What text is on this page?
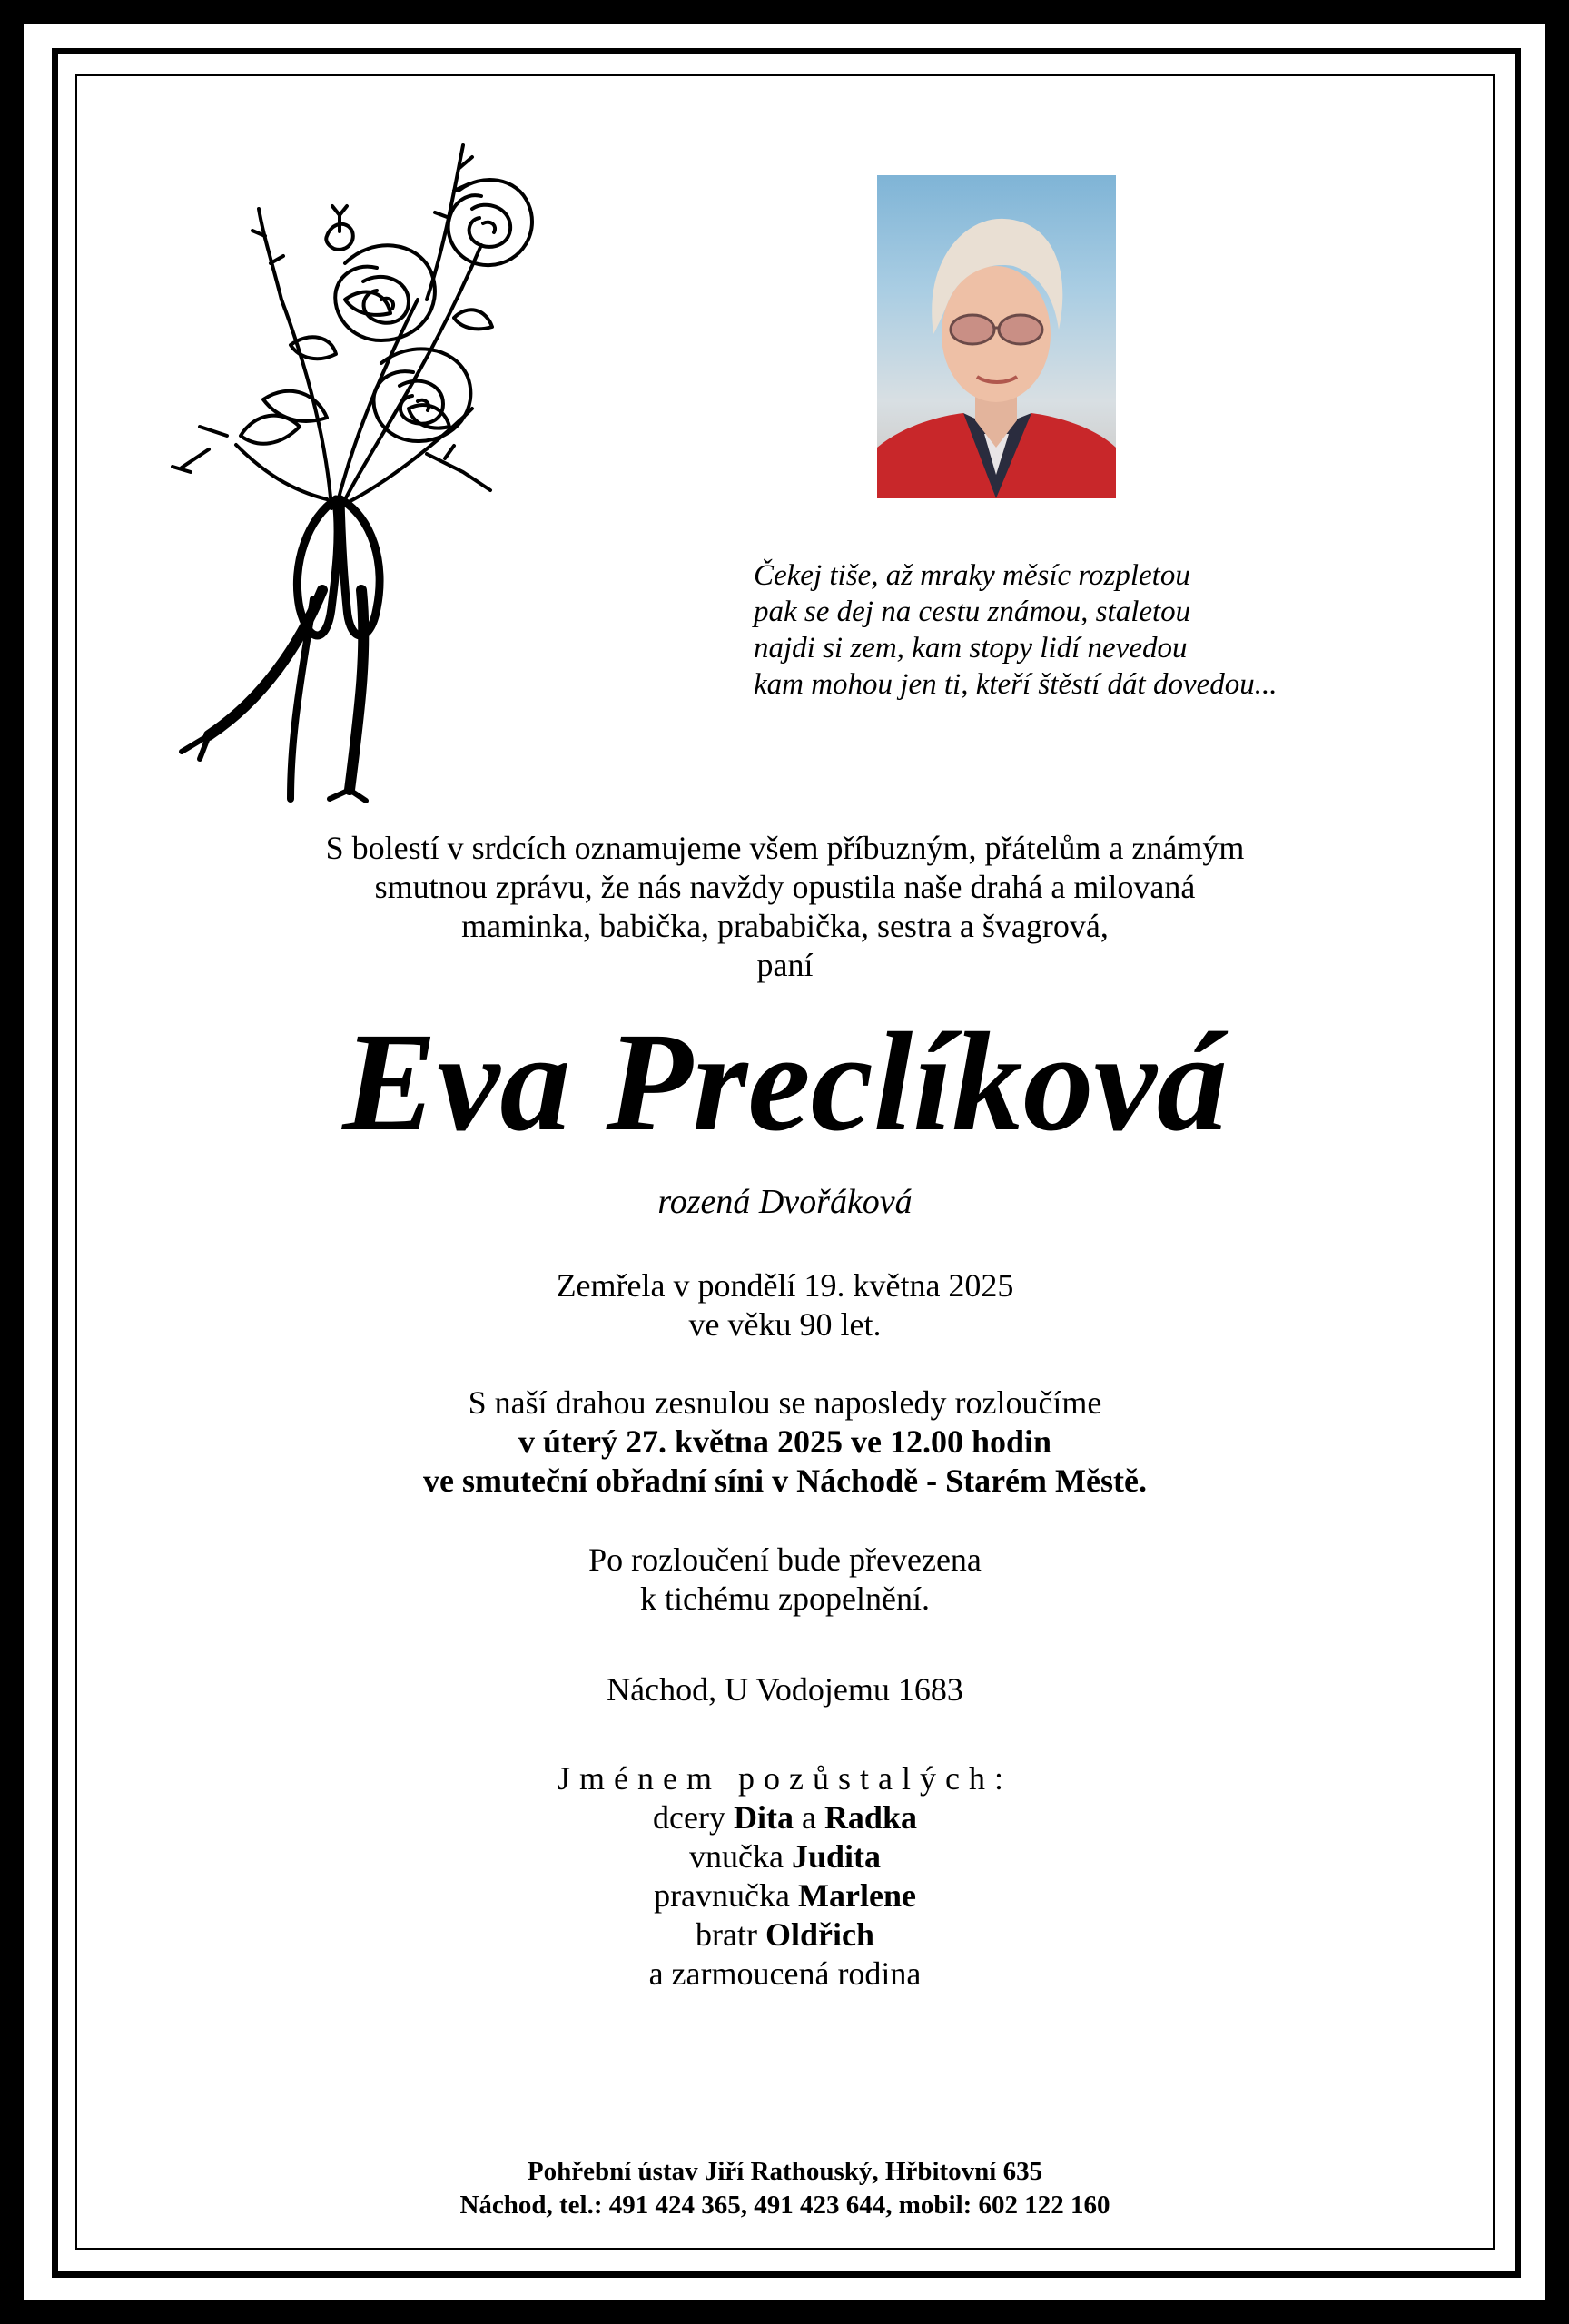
Čekej tiše, až mraky měsíc rozpletou
pak se dej na cestu známou, staletou
najdi si zem, kam stopy lidí nevedou
kam mohou jen ti, kteří štěstí dát dovedou...
S bolestí v srdcích oznamujeme všem příbuzným, přátelům a známým
smutnou zprávu, že nás navždy opustila naše drahá a milovaná
maminka, babička, prababička, sestra a švagrová,
paní
Eva Preclíková
rozená Dvořáková
Zemřela v pondělí 19. května 2025
ve věku 90 let.
S naší drahou zesnulou se naposledy rozloučíme
v úterý 27. května 2025 ve 12.00 hodin
ve smuteční obřadní síni v Náchodě - Starém Městě.
Po rozloučení bude převezena
k tichému zpopelnění.
Náchod, U Vodojemu 1683
Jménem pozůstalých:
dcery Dita a Radka
vnučka Judita
pravnučka Marlene
bratr Oldřich
a zarmoucená rodina
Pohřební ústav Jiří Rathouský, Hřbitovní 635
Náchod, tel.: 491 424 365, 491 423 644, mobil: 602 122 160
